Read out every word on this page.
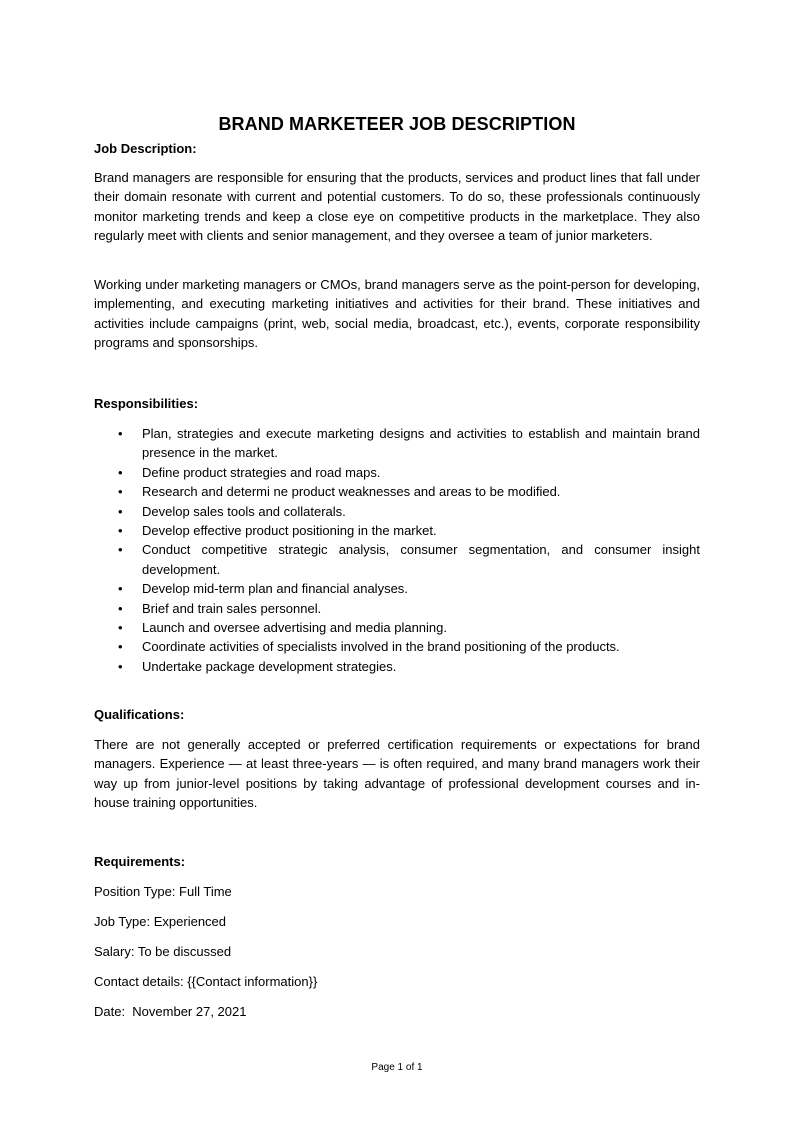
BRAND MARKETEER JOB DESCRIPTION

Job Description:

Brand managers are responsible for ensuring that the products, services and product lines that fall under their domain resonate with current and potential customers. To do so, these professionals continuously monitor marketing trends and keep a close eye on competitive products in the marketplace. They also regularly meet with clients and senior management, and they oversee a team of junior marketers.

Working under marketing managers or CMOs, brand managers serve as the point-person for developing, implementing, and executing marketing initiatives and activities for their brand. These initiatives and activities include campaigns (print, web, social media, broadcast, etc.), events, corporate responsibility programs and sponsorships.

Responsibilities:

• Plan, strategies and execute marketing designs and activities to establish and maintain brand presence in the market.
• Define product strategies and road maps.
• Research and determi ne product weaknesses and areas to be modified.
• Develop sales tools and collaterals.
• Develop effective product positioning in the market.
• Conduct competitive strategic analysis, consumer segmentation, and consumer insight development.
• Develop mid-term plan and financial analyses.
• Brief and train sales personnel.
• Launch and oversee advertising and media planning.
• Coordinate activities of specialists involved in the brand positioning of the products.
• Undertake package development strategies.

Qualifications:

There are not generally accepted or preferred certification requirements or expectations for brand managers. Experience — at least three-years — is often required, and many brand managers work their way up from junior-level positions by taking advantage of professional development courses and in-house training opportunities.

Requirements:

Position Type: Full Time

Job Type: Experienced

Salary: To be discussed

Contact details: {{Contact information}}

Date:  November 27, 2021

Page 1 of 1
